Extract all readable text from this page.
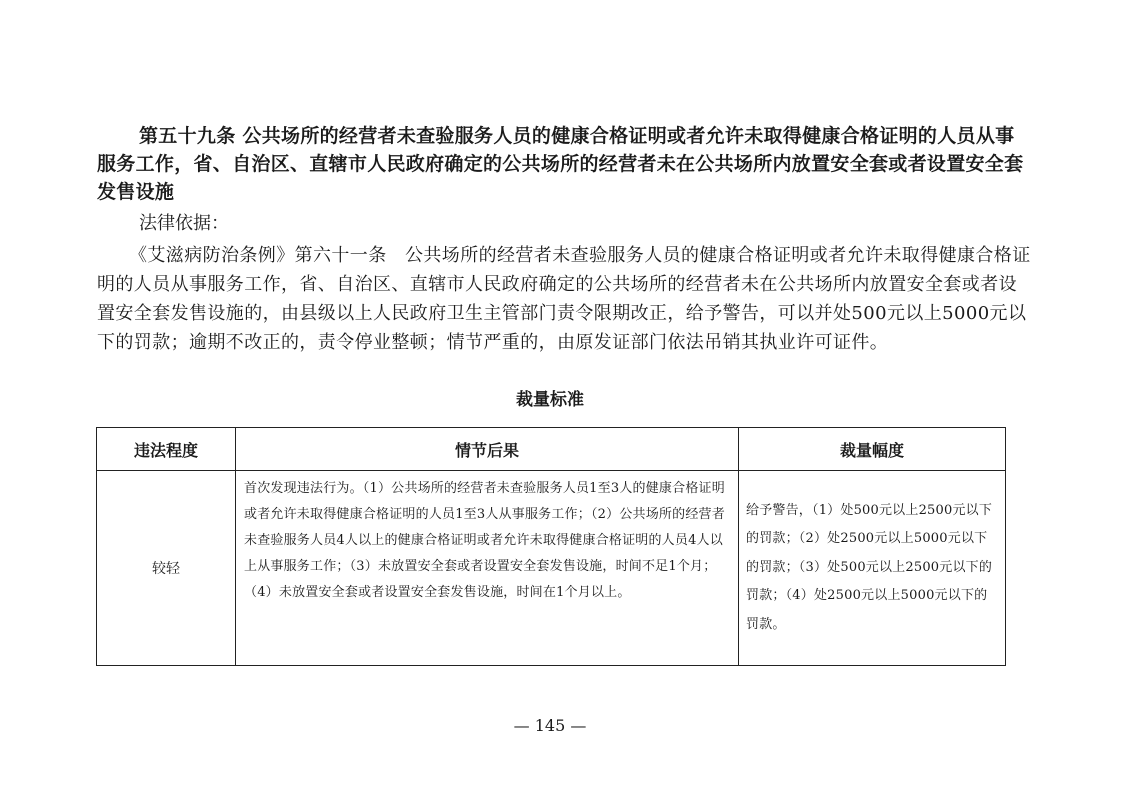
第五十九条 公共场所的经营者未查验服务人员的健康合格证明或者允许未取得健康合格证明的人员从事服务工作，省、自治区、直辖市人民政府确定的公共场所的经营者未在公共场所内放置安全套或者设置安全套发售设施

法律依据：

《艾滋病防治条例》第六十一条　公共场所的经营者未查验服务人员的健康合格证明或者允许未取得健康合格证明的人员从事服务工作，省、自治区、直辖市人民政府确定的公共场所的经营者未在公共场所内放置安全套或者设置安全套发售设施的，由县级以上人民政府卫生主管部门责令限期改正，给予警告，可以并处500元以上5000元以下的罚款；逾期不改正的，责令停业整顿；情节严重的，由原发证部门依法吊销其执业许可证件。

裁量标准

违法程度	情节后果	裁量幅度
较轻	首次发现违法行为。（1）公共场所的经营者未查验服务人员1至3人的健康合格证明或者允许未取得健康合格证明的人员1至3人从事服务工作；（2）公共场所的经营者未查验服务人员4人以上的健康合格证明或者允许未取得健康合格证明的人员4人以上从事服务工作；（3）未放置安全套或者设置安全套发售设施，时间不足1个月；（4）未放置安全套或者设置安全套发售设施，时间在1个月以上。	给予警告，（1）处500元以上2500元以下的罚款；（2）处2500元以上5000元以下的罚款；（3）处500元以上2500元以下的罚款；（4）处2500元以上5000元以下的罚款。

— 145 —
